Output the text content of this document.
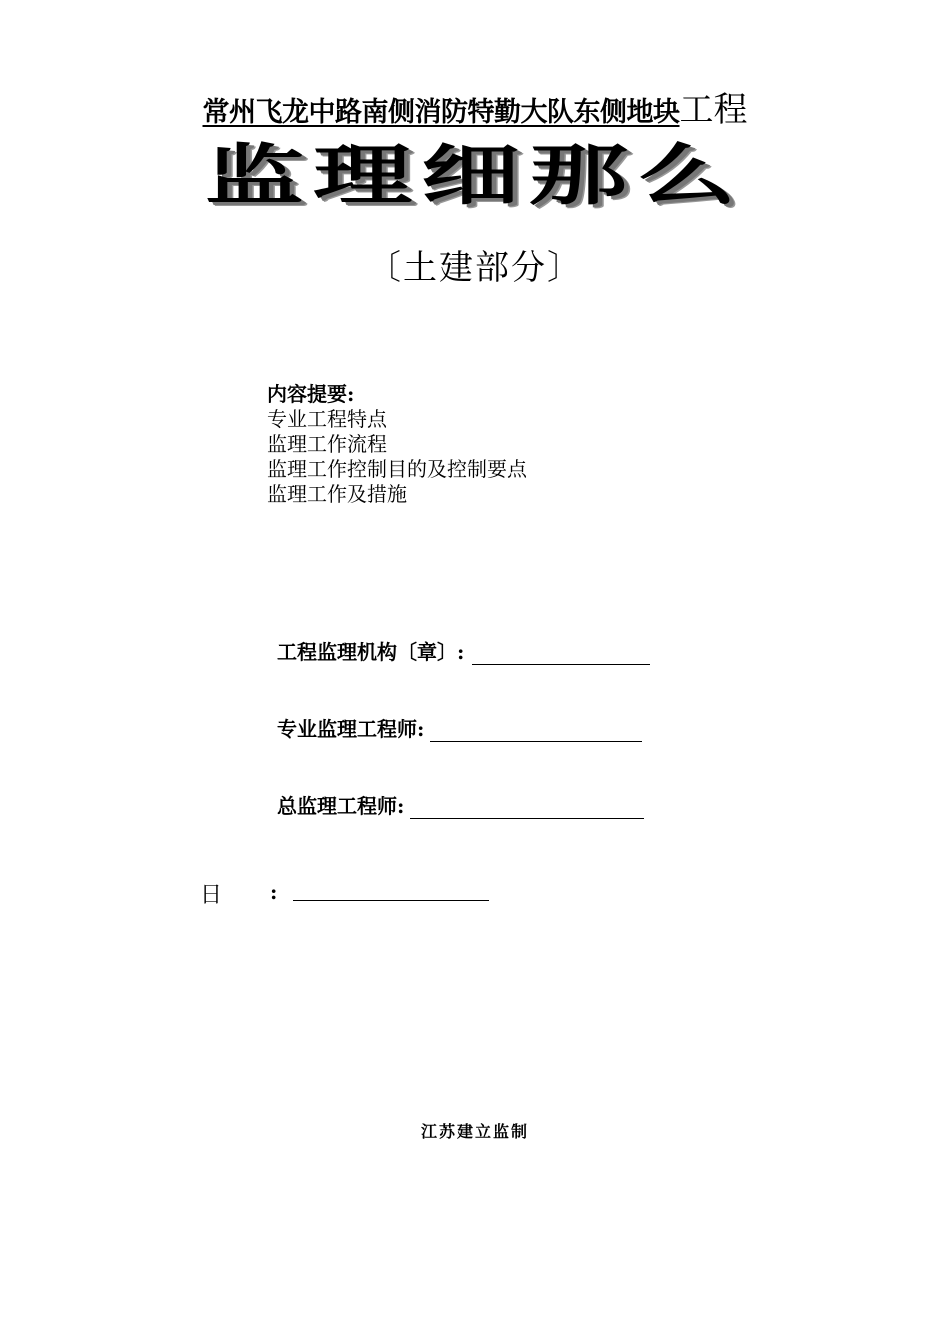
常州飞龙中路南侧消防特勤大队东侧地块工程
监理细那么
〔土建部分〕
内容提要:
专业工程特点
监理工作流程
监理工作控制目的及控制要点
监理工作及措施
工程监理机构〔章〕:
专业监理工程师:
总监理工程师:
日 :
江苏建立监制
